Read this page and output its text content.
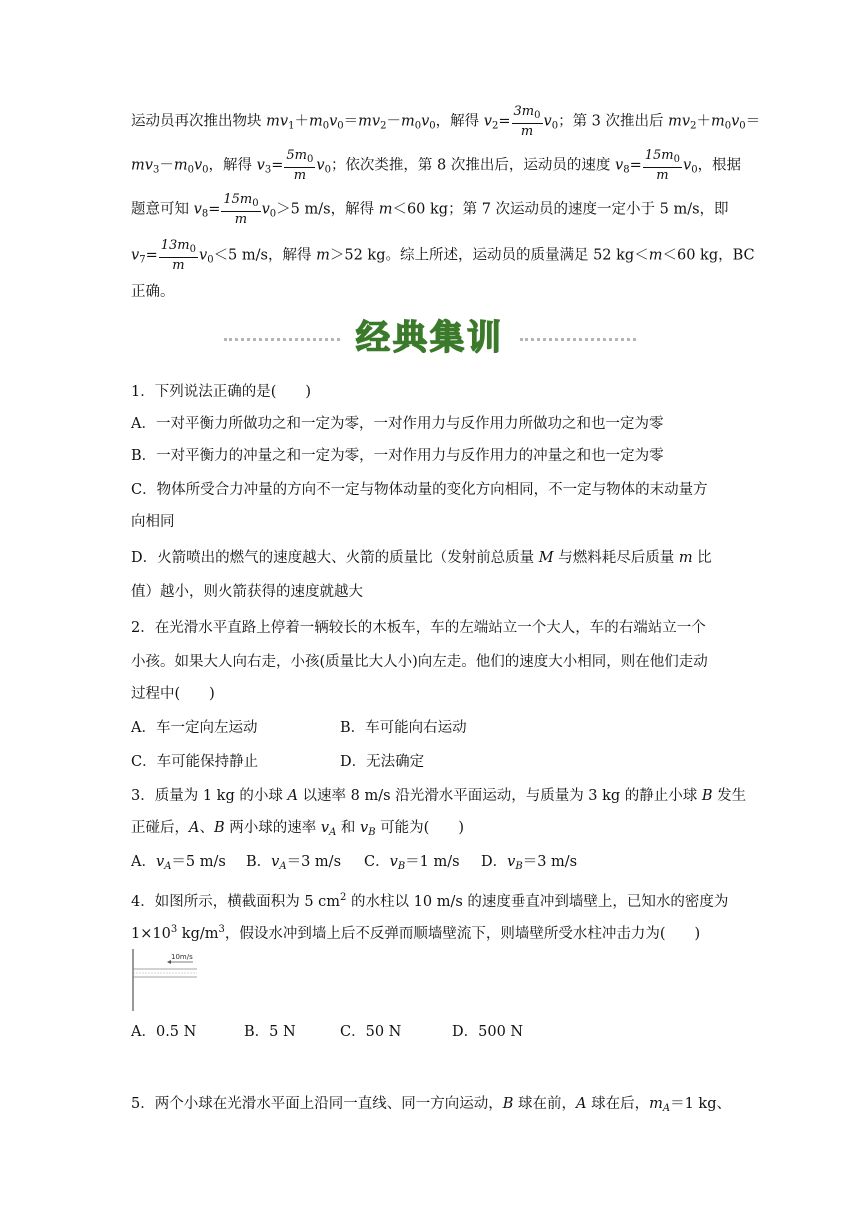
运动员再次推出物块 $mv_1+m_0v_0=mv_2-m_0v_0$，解得 $v_2= \frac{3m_0}{m} v_0$；第 3 次推出后 $mv_2+m_0v_0=$
$mv_3-m_0v_0$，解得 $v_3= \frac{5m_0}{m} v_0$；依次类推，第 8 次推出后，运动员的速度 $v_8= \frac{15m_0}{m} v_0$，根据
题意可知 $v_8= \frac{15m_0}{m} v_0>5$ m/s，解得 m＜60 kg；第 7 次运动员的速度一定小于 5 m/s，即
$v_7= \frac{13m_0}{m} v_0<5$ m/s，解得 m＞52 kg。综上所述，运动员的质量满足 52 kg＜m＜60 kg，BC
正确。
经典集训
1．下列说法正确的是(　　)
A．一对平衡力所做功之和一定为零，一对作用力与反作用力所做功之和也一定为零
B．一对平衡力的冲量之和一定为零，一对作用力与反作用力的冲量之和也一定为零
C．物体所受合力冲量的方向不一定与物体动量的变化方向相同，不一定与物体的末动量方
向相同
D．火箭喷出的燃气的速度越大、火箭的质量比（发射前总质量 M 与燃料耗尽后质量 m 比
值）越小，则火箭获得的速度就越大
2．在光滑水平直路上停着一辆较长的木板车，车的左端站立一个大人，车的右端站立一个
小孩。如果大人向右走，小孩(质量比大人小)向左走。他们的速度大小相同，则在他们走动
过程中(　　)
A．车一定向左运动	B．车可能向右运动
C．车可能保持静止	D．无法确定
3．质量为 1 kg 的小球 A 以速率 8 m/s 沿光滑水平面运动，与质量为 3 kg 的静止小球 B 发生
正碰后，A、B 两小球的速率 $v_A$ 和 $v_B$ 可能为(　　)
A．$v_A=5$ m/s B．$v_A=3$ m/s C．$v_B=1$ m/s D．$v_B=3$ m/s
4．如图所示，横截面积为 5 $cm^2$ 的水柱以 10 m/s 的速度垂直冲到墙壁上，已知水的密度为
$1\times 10^3$ $kg/m^3$，假设水冲到墙上后不反弹而顺墙壁流下，则墙壁所受水柱冲击力为(　　)
10m/s
A．0.5 N	B．5 N	C．50 N	D．500 N
5．两个小球在光滑水平面上沿同一直线、同一方向运动，B 球在前，A 球在后，$m_A=1$ kg、
